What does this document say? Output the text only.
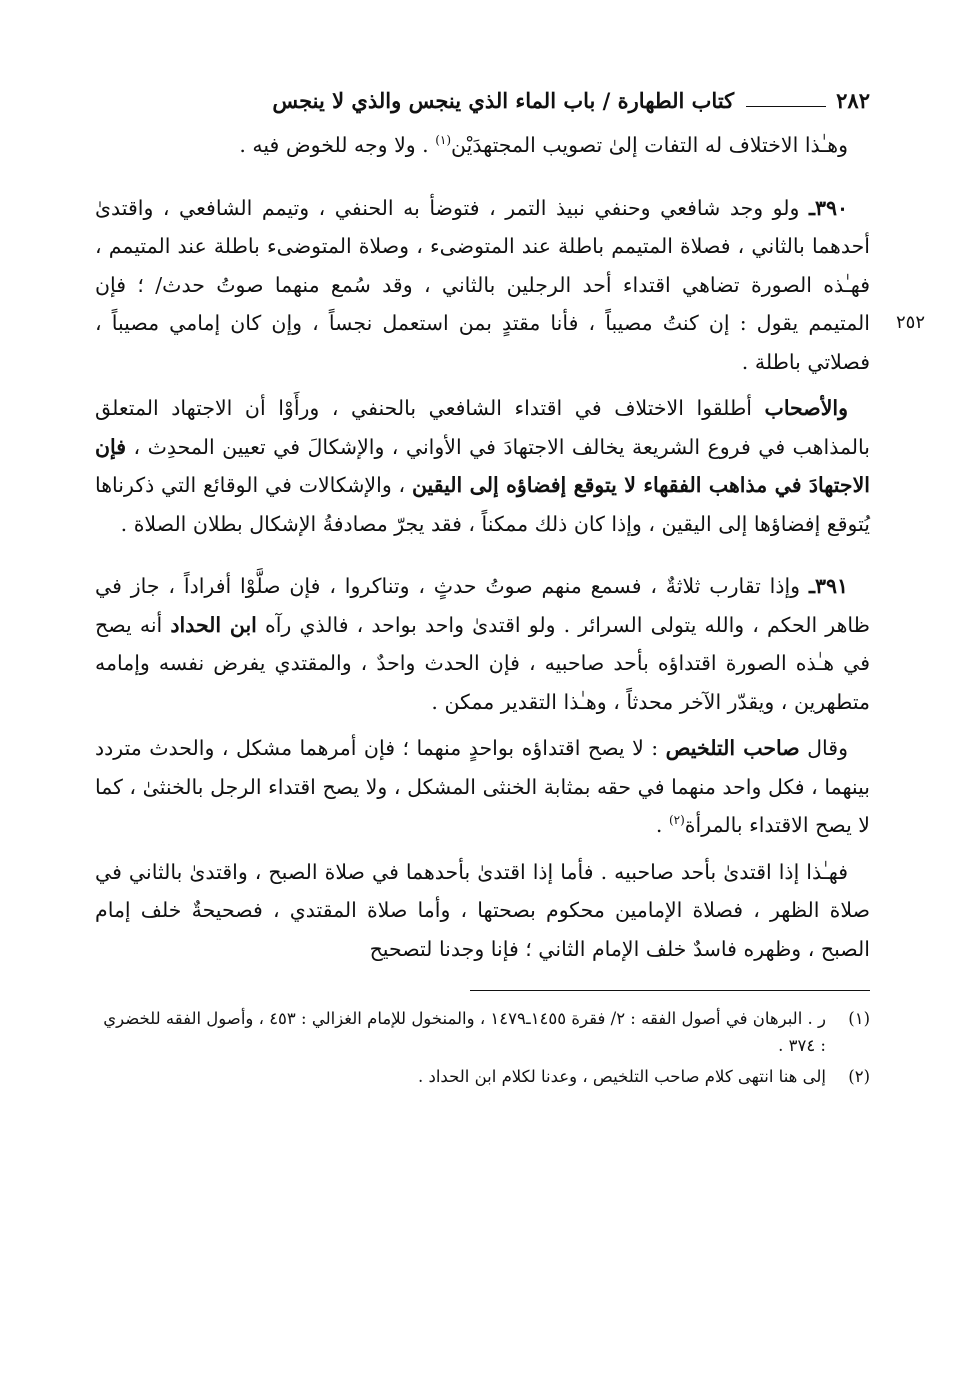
٢٨٢
كتاب الطهارة / باب الماء الذي ينجس والذي لا ينجس

وهـٰذا الاختلاف له التفات إلىٰ تصويب المجتهدَيْن$^{(١)}$ . ولا وجه للخوض فيه .

٢٥٢

٣٩٠ـ ولو وجد شافعي وحنفي نبيذ التمر ، فتوضأ به الحنفي ، وتيمم الشافعي ، واقتدىٰ أحدهما بالثاني ، فصلاة المتيمم باطلة عند المتوضىء ، وصلاة المتوضىء باطلة عند المتيمم ، فهـٰذه الصورة تضاهي اقتداء أحد الرجلين بالثاني ، وقد سُمع منهما صوتُ حدث/ ؛ فإن المتيمم يقول : إن كنتُ مصيباً ، فأنا مقتدٍ بمن استعمل نجساً ، وإن كان إمامي مصيباً ، فصلاتي باطلة .

والأصحاب أطلقوا الاختلاف في اقتداء الشافعي بالحنفي ، ورأَوْا أن الاجتهاد المتعلق بالمذاهب في فروع الشريعة يخالف الاجتهادَ في الأواني ، والإشكالَ في تعيين المحدِث ، فإن الاجتهادَ في مذاهب الفقهاء لا يتوقع إفضاؤه إلى اليقين ، والإشكالات في الوقائع التي ذكرناها يُتوقع إفضاؤها إلى اليقين ، وإذا كان ذلك ممكناً ، فقد يجرّ مصادفةُ الإشكال بطلان الصلاة .

٣٩١ـ وإذا تقارب ثلاثةٌ ، فسمع منهم صوتُ حدثٍ ، وتناكروا ، فإن صلَّوْا أفراداً ، جاز في ظاهر الحكم ، والله يتولى السرائر . ولو اقتدىٰ واحد بواحد ، فالذي رآه ابن الحداد أنه يصح في هـٰذه الصورة اقتداؤه بأحد صاحبيه ، فإن الحدث واحدٌ ، والمقتدي يفرض نفسه وإمامه متطهرين ، ويقدّر الآخر محدثاً ، وهـٰذا التقدير ممكن .

وقال صاحب التلخيص : لا يصح اقتداؤه بواحدٍ منهما ؛ فإن أمرهما مشكل ، والحدث متردد بينهما ، فكل واحد منهما في حقه بمثابة الخنثى المشكل ، ولا يصح اقتداء الرجل بالخنثىٰ ، كما لا يصح الاقتداء بالمرأة$^{(٢)}$ .

فهـٰذا إذا اقتدىٰ بأحد صاحبيه . فأما إذا اقتدىٰ بأحدهما في صلاة الصبح ، واقتدىٰ بالثاني في صلاة الظهر ، فصلاة الإمامين محكوم بصحتها ، وأما صلاة المقتدي ، فصحيحةٌ خلف إمام الصبح ، وظهره فاسدٌ خلف الإمام الثاني ؛ فإنا وجدنا لتصحيح

(١)
ر . البرهان في أصول الفقه : ٢/ فقرة ١٤٥٥ـ١٤٧٩ ، والمنخول للإمام الغزالي : ٤٥٣ ، وأصول الفقه للخضري : ٣٧٤ .
(٢)
إلى هنا انتهى كلام صاحب التلخيص ، وعدنا لكلام ابن الحداد .
